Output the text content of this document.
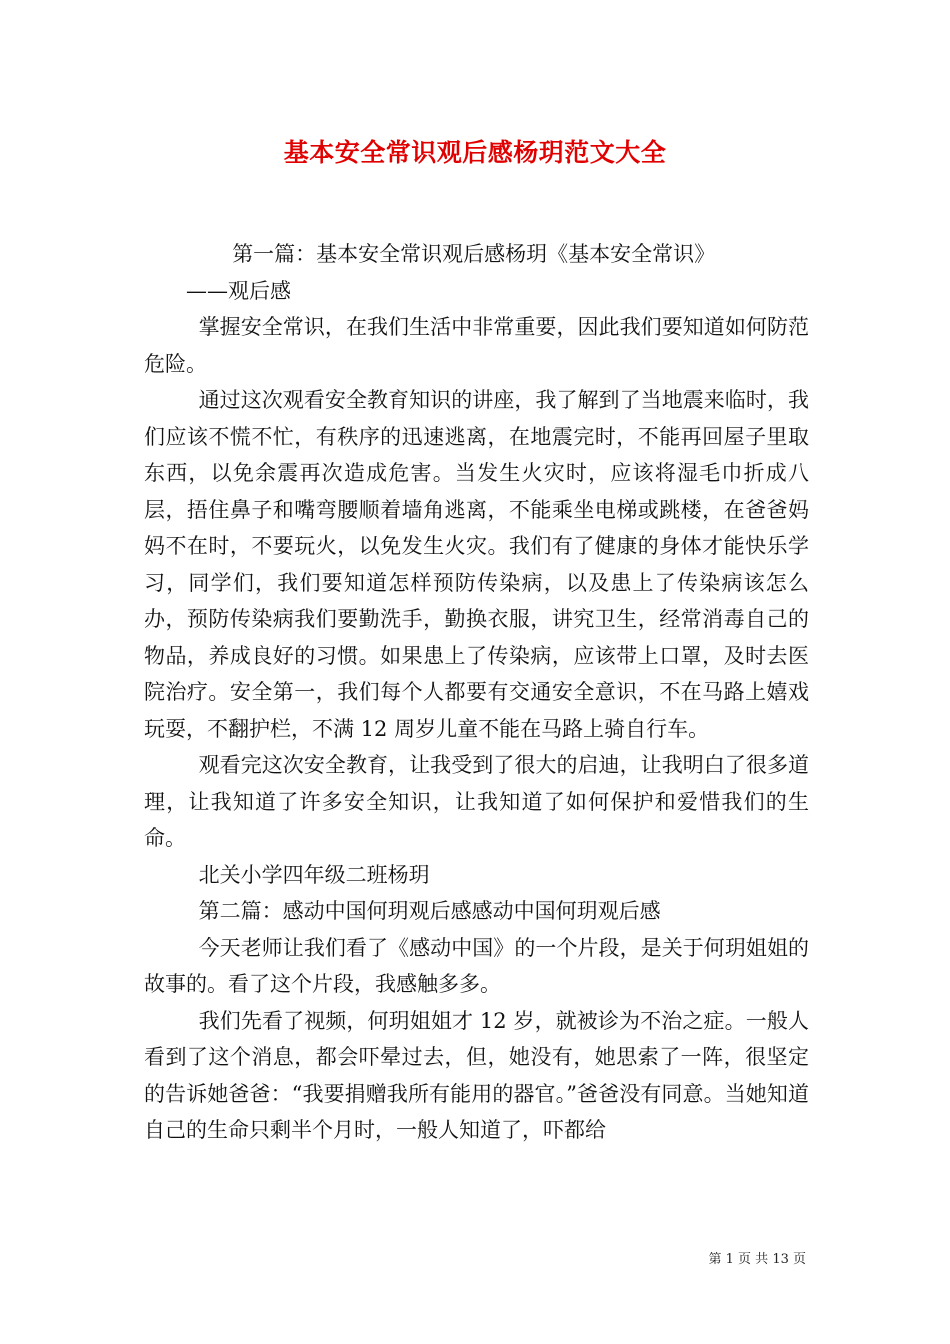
基本安全常识观后感杨玥范文大全

第一篇：基本安全常识观后感杨玥《基本安全常识》

——观后感

掌握安全常识，在我们生活中非常重要，因此我们要知道如何防范危险。

通过这次观看安全教育知识的讲座，我了解到了当地震来临时，我们应该不慌不忙，有秩序的迅速逃离，在地震完时，不能再回屋子里取东西，以免余震再次造成危害。当发生火灾时，应该将湿毛巾折成八层，捂住鼻子和嘴弯腰顺着墙角逃离，不能乘坐电梯或跳楼，在爸爸妈妈不在时，不要玩火，以免发生火灾。我们有了健康的身体才能快乐学习，同学们，我们要知道怎样预防传染病，以及患上了传染病该怎么办，预防传染病我们要勤洗手，勤换衣服，讲究卫生，经常消毒自己的物品，养成良好的习惯。如果患上了传染病，应该带上口罩，及时去医院治疗。安全第一，我们每个人都要有交通安全意识，不在马路上嬉戏玩耍，不翻护栏，不满 12 周岁儿童不能在马路上骑自行车。

观看完这次安全教育，让我受到了很大的启迪，让我明白了很多道理，让我知道了许多安全知识，让我知道了如何保护和爱惜我们的生命。

北关小学四年级二班杨玥

第二篇：感动中国何玥观后感感动中国何玥观后感

今天老师让我们看了《感动中国》的一个片段，是关于何玥姐姐的故事的。看了这个片段，我感触多多。

我们先看了视频，何玥姐姐才 12 岁，就被诊为不治之症。一般人看到了这个消息，都会吓晕过去，但，她没有，她思索了一阵，很坚定的告诉她爸爸：“我要捐赠我所有能用的器官。”爸爸没有同意。当她知道自己的生命只剩半个月时，一般人知道了，吓都给

第 1 页 共 13 页
